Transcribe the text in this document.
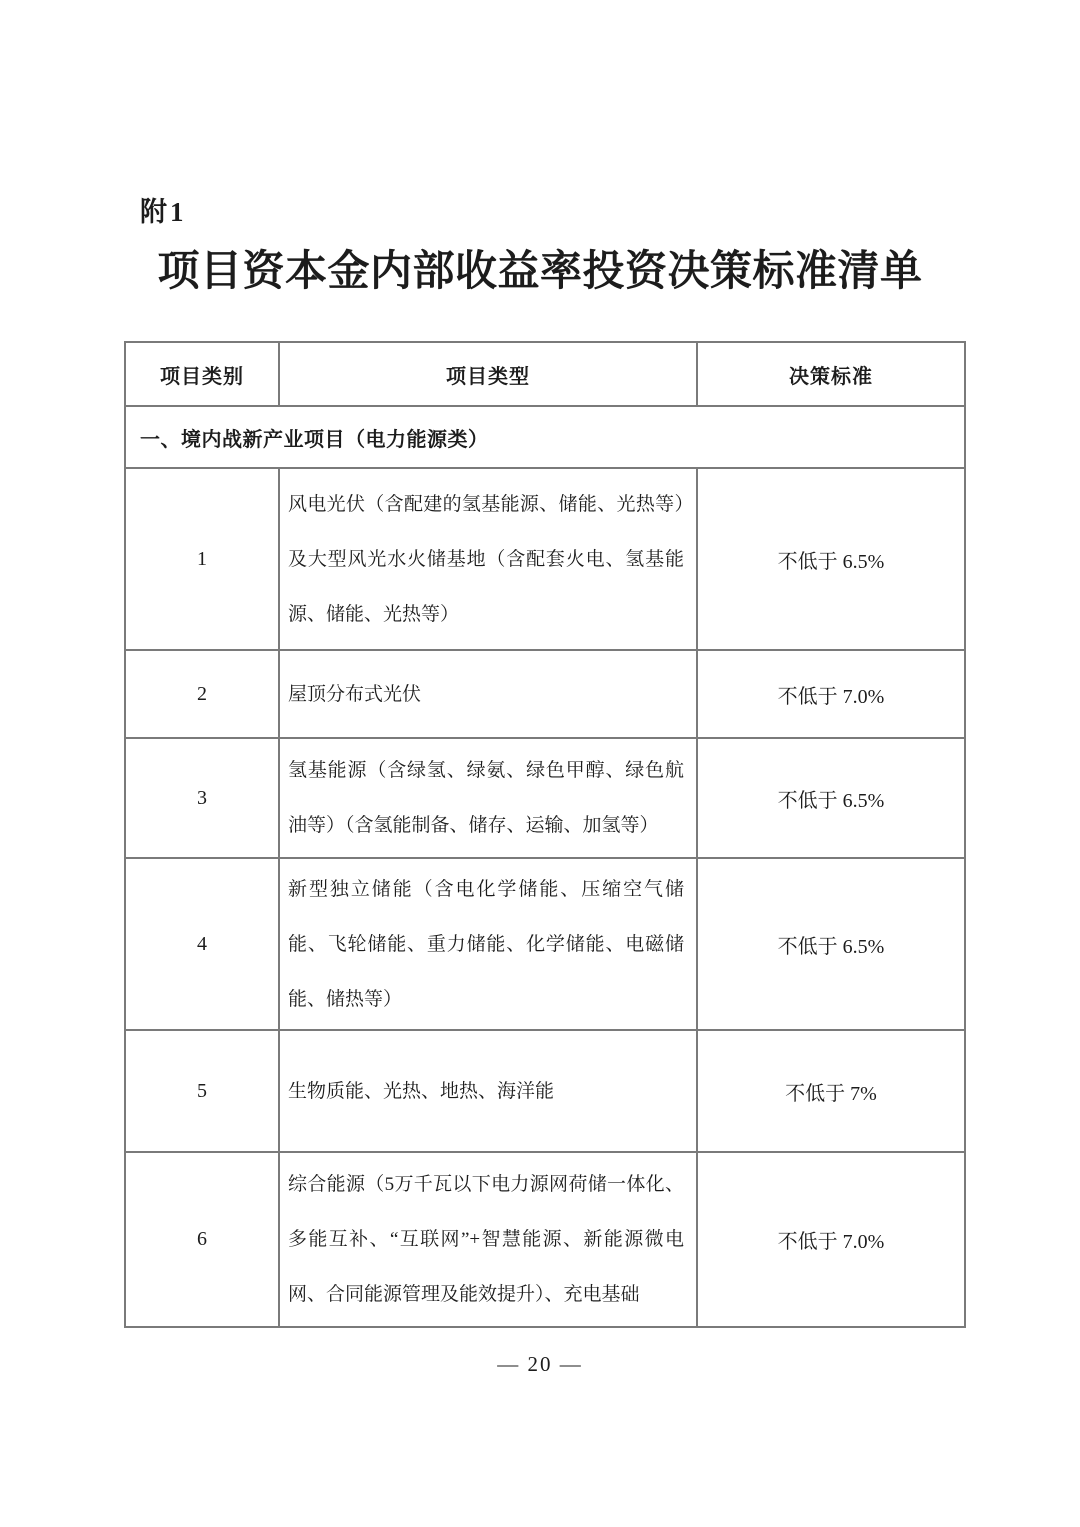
附1
项目资本金内部收益率投资决策标准清单
项目类别	项目类型	决策标准
一、境内战新产业项目（电力能源类）		
1	风电光伏（含配建的氢基能源、储能、光热等）及大型风光水火储基地（含配套火电、氢基能源、储能、光热等）	不低于 6.5%
2	屋顶分布式光伏	不低于 7.0%
3	氢基能源（含绿氢、绿氨、绿色甲醇、绿色航油等）（含氢能制备、储存、运输、加氢等）	不低于 6.5%
4	新型独立储能（含电化学储能、压缩空气储能、飞轮储能、重力储能、化学储能、电磁储能、储热等）	不低于 6.5%
5	生物质能、光热、地热、海洋能	不低于 7%
6	综合能源（5万千瓦以下电力源网荷储一体化、多能互补、“互联网”+智慧能源、新能源微电网、合同能源管理及能效提升）、充电基础	不低于 7.0%
— 20 —
